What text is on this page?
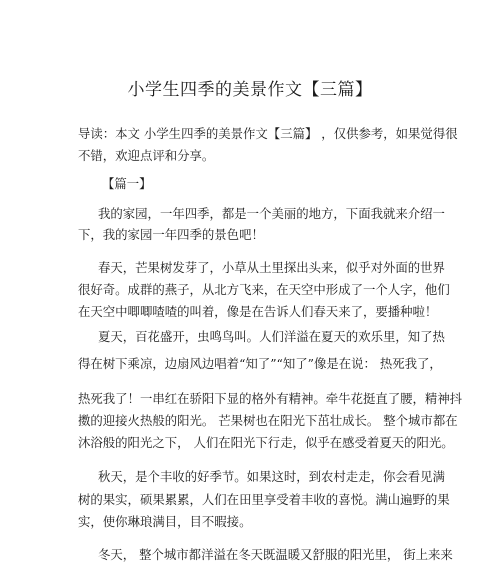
小学生四季的美景作文【三篇】
导读：本文 小学生四季的美景作文【三篇】 ，仅供参考，如果觉得很
不错，欢迎点评和分享。
【篇一】
我的家园，一年四季，都是一个美丽的地方，下面我就来介绍一
下，我的家园一年四季的景色吧！
春天，芒果树发芽了，小草从土里探出头来，似乎对外面的世界
很好奇。成群的燕子，从北方飞来，在天空中形成了一个人字，他们
在天空中唧唧喳喳的叫着，像是在告诉人们春天来了，要播种啦！
夏天，百花盛开，虫鸣鸟叫。人们洋溢在夏天的欢乐里，知了热
得在树下乘凉，边扇风边唱着“知了”“知了”像是在说： 热死我了，
热死我了！一串红在骄阳下显的格外有精神。牵牛花挺直了腰，精神抖
擞的迎接火热般的阳光。 芒果树也在阳光下茁壮成长。 整个城市都在
沐浴般的阳光之下， 人们在阳光下行走，似乎在感受着夏天的阳光。
秋天，是个丰收的好季节。如果这时，到农村走走，你会看见满
树的果实，硕果累累，人们在田里享受着丰收的喜悦。满山遍野的果
实，使你琳琅满目，目不暇接。
冬天， 整个城市都洋溢在冬天既温暖又舒服的阳光里， 街上来来
